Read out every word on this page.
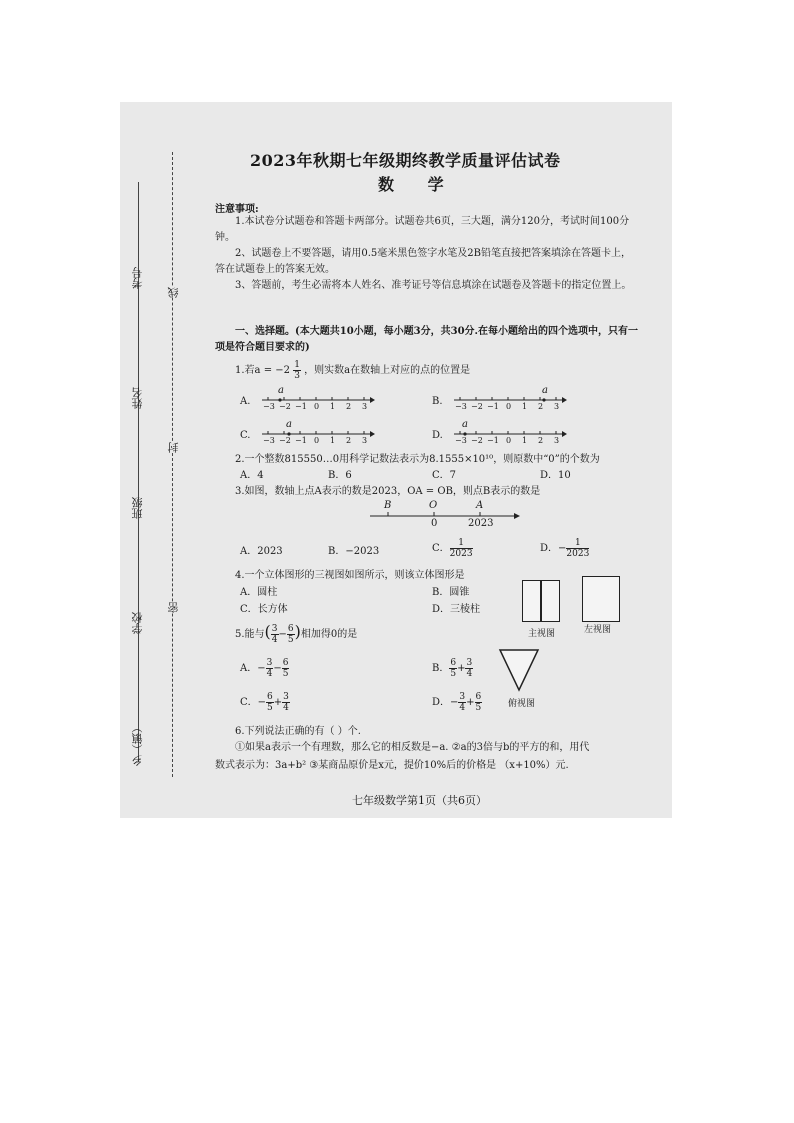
考号
姓名
班级
学校
乡（镇）
线
封
密
2023年秋期七年级期终教学质量评估试卷
数 学
注意事项:
1.本试卷分试题卷和答题卡两部分。试题卷共6页，三大题，满分120分，考试时间100分钟。
2、试题卷上不要答题，请用0.5毫米黑色签字水笔及2B铅笔直接把答案填涂在答题卡上，答在试题卷上的答案无效。
3、答题前，考生必需将本人姓名、准考证号等信息填涂在试题卷及答题卡的指定位置上。
一、选择题。(本大题共10小题，每小题3分，共30分.在每小题给出的四个选项中，只有一项是符合题目要求的)
1.若$a = -2 \frac{1}{3}$ ，则实数a在数轴上对应的点的位置是
A. −3 −2 −1 0 1 2 3
a
B. −3 −2 −1 0 1 2 3
a
C. −3 −2 −1 0 1 2 3
a
D. −3 −2 −1 0 1 2 3
a
2.一个整数815550…0用科学记数法表示为8.1555×10¹⁰，则原数中“0”的个数为
A．4	B．6	C．7	D．10
3.如图，数轴上点A表示的数是2023，OA = OB，则点B表示的数是
B	O	A
0	2023
A．2023	B．−2023	C． $\frac{1}{2023}$	D．− $\frac{1}{2023}$
4.一个立体图形的三视图如图所示，则该立体图形是
A．圆柱	B．圆锥
C．长方体	D．三棱柱
主视图	左视图
俯视图
5.能与( $\frac{3}{4} - \frac{6}{5}$ )相加得0的是
A．− $\frac{3}{4} - \frac{6}{5}$	B． $\frac{6}{5} + \frac{3}{4}$
C．− $\frac{6}{5} + \frac{3}{4}$	D．− $\frac{3}{4} + \frac{6}{5}$
6.下列说法正确的有（ ）个.
①如果a表示一个有理数，那么它的相反数是−a. ②a的3倍与b的平方的和，用代
数式表示为：3a+b² ③某商品原价是x元，提价10%后的价格是 （x+10%）元.
七年级数学第1页（共6页）
